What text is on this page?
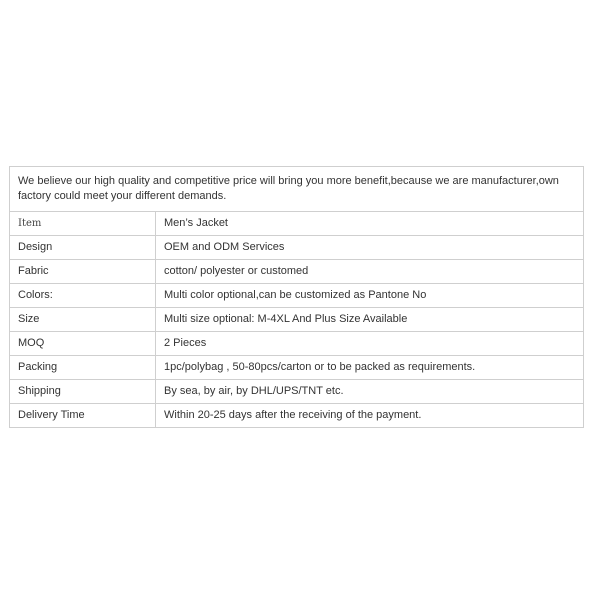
We believe our high quality and competitive price will bring you more benefit,because we are manufacturer,own factory could meet your different demands.	
Item	Men’s Jacket
Design	OEM and ODM Services
Fabric	cotton/ polyester or customed
Colors:	Multi color optional,can be customized as Pantone No
Size	Multi size optional: M-4XL And Plus Size Available
MOQ	2 Pieces
Packing	1pc/polybag , 50-80pcs/carton or to be packed as requirements.
Shipping	By sea, by air, by DHL/UPS/TNT etc.
Delivery Time	Within 20-25 days after the receiving of the payment.
